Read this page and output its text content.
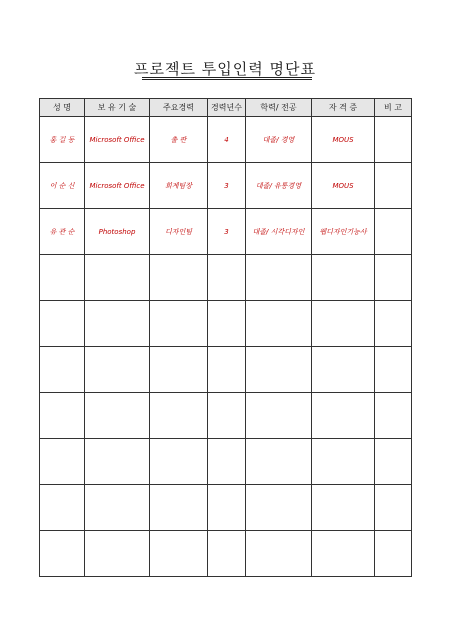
프로젝트 투입인력 명단표
성 명	보 유 기 술	주요경력	경력년수	학력/ 전공	자 격 증	비 고
홍 길 동	Microsoft Office	출 판	4	대졸/ 경영	MOUS	
이 순 신	Microsoft Office	회계팀장	3	대졸/ 유통경영	MOUS	
유 관 순	Photoshop	디자인팀	3	대졸/ 시각디자인	웹디자인기능사	
